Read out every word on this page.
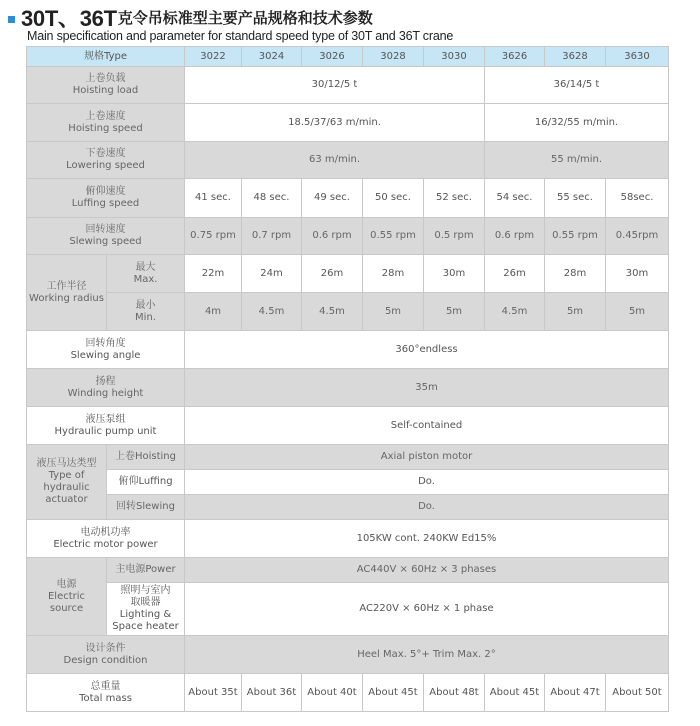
30T、36T 克令吊标准型主要产品规格和技术参数
Main specification and parameter for standard speed type of 30T and 36T crane
规格Type		3022	3024	3026	3028	3030	3626	3628	3630

上卷负载
Hoisting load		30/12/5 t					36/14/5 t		

上卷速度
Hoisting speed		18.5/37/63 m/min.					16/32/55 m/min.		

下卷速度
Lowering speed		63 m/min.					55 m/min.		

俯仰速度
Luffing speed		41 sec.	48 sec.	49 sec.	50 sec.	52 sec.	54 sec.	55 sec.	58sec.

回转速度
Slewing speed		0.75 rpm	0.7 rpm	0.6 rpm	0.55 rpm	0.5 rpm	0.6 rpm	0.55 rpm	0.45rpm

工作半径
Working radius	最大
Max.	22m	24m	26m	28m	30m	26m	28m	30m

	最小
Min.	4m	4.5m	4.5m	5m	5m	4.5m	5m	5m

回转角度
Slewing angle		360°endless							

扬程
Winding height		35m							

液压泵组
Hydraulic pump unit		Self-contained							

液压马达类型
Type of
hydraulic
actuator	上卷Hoisting	Axial piston motor							
	俯仰Luffing	Do.							
	回转Slewing	Do.							

电动机功率
Electric motor power		105KW cont. 240KW Ed15%							

电源
Electric
source	主电源Power	AC440V × 60Hz × 3 phases							

	照明与室内
取暖器
Lighting &
Space heater	AC220V × 60Hz × 1 phase							

设计条件
Design condition		Heel Max. 5°+ Trim Max. 2°							

总重量
Total mass		About 35t	About 36t	About 40t	About 45t	About 48t	About 45t	About 47t	About 50t
